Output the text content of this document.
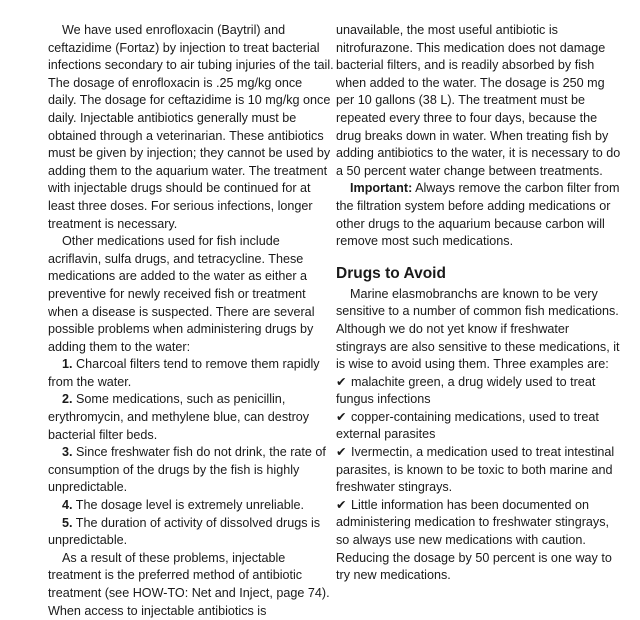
We have used enrofloxacin (Baytril) and ceftazidime (Fortaz) by injection to treat bacterial infections secondary to air tubing injuries of the tail. The dosage of enrofloxacin is .25 mg/kg once daily. The dosage for ceftazidime is 10 mg/kg once daily. Injectable antibiotics generally must be obtained through a veterinarian. These antibiotics must be given by injection; they cannot be used by adding them to the aquarium water. The treatment with injectable drugs should be continued for at least three doses. For serious infections, longer treatment is necessary.

Other medications used for fish include acriflavin, sulfa drugs, and tetracycline. These medications are added to the water as either a preventive for newly received fish or treatment when a disease is suspected. There are several possible problems when administering drugs by adding them to the water:

1. Charcoal filters tend to remove them rapidly from the water.

2. Some medications, such as penicillin, erythromycin, and methylene blue, can destroy bacterial filter beds.

3. Since freshwater fish do not drink, the rate of consumption of the drugs by the fish is highly unpredictable.

4. The dosage level is extremely unreliable.

5. The duration of activity of dissolved drugs is unpredictable.

As a result of these problems, injectable treatment is the preferred method of antibiotic treatment (see HOW-TO: Net and Inject, page 74). When access to injectable antibiotics is

unavailable, the most useful antibiotic is nitrofurazone. This medication does not damage bacterial filters, and is readily absorbed by fish when added to the water. The dosage is 250 mg per 10 gallons (38 L). The treatment must be repeated every three to four days, because the drug breaks down in water. When treating fish by adding antibiotics to the water, it is necessary to do a 50 percent water change between treatments.

Important: Always remove the carbon filter from the filtration system before adding medications or other drugs to the aquarium because carbon will remove most such medications.

Drugs to Avoid

Marine elasmobranchs are known to be very sensitive to a number of common fish medications. Although we do not yet know if freshwater stingrays are also sensitive to these medications, it is wise to avoid using them. Three examples are:

✔ malachite green, a drug widely used to treat fungus infections

✔ copper-containing medications, used to treat external parasites

✔ Ivermectin, a medication used to treat intestinal parasites, is known to be toxic to both marine and freshwater stingrays.

✔ Little information has been documented on administering medication to freshwater stingrays, so always use new medications with caution. Reducing the dosage by 50 percent is one way to try new medications.
